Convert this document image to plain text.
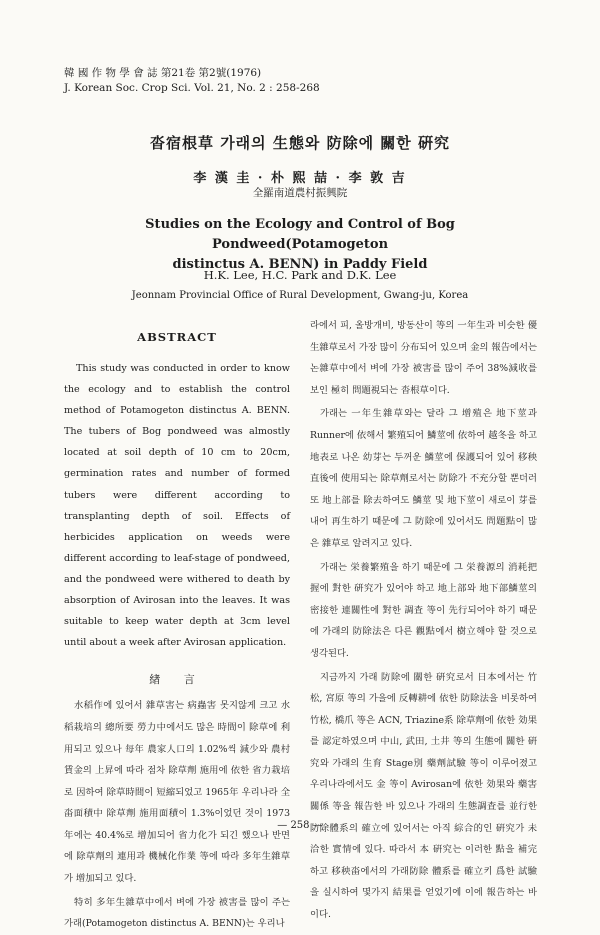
韓 國 作 物 學 會 誌 第21卷 第2號(1976)
J. Korean Soc. Crop Sci. Vol. 21, No. 2 : 258-268
沓宿根草 가래의 生態와 防除에 關한 硏究
李 漢 圭 · 朴 熙 喆 · 李 敦 吉
全羅南道農村振興院
Studies on the Ecology and Control of Bog Pondweed(Potamogeton
distinctus A. BENN) in Paddy Field
H.K. Lee, H.C. Park and D.K. Lee
Jeonnam Provincial Office of Rural Development, Gwang-ju, Korea
ABSTRACT

This study was conducted in order to know the ecology and to establish the control method of Potamogeton distinctus A. BENN. The tubers of Bog pondweed was almostly located at soil depth of 10 cm to 20cm, germination rates and number of formed tubers were different according to transplanting depth of soil. Effects of herbicides application on weeds were different according to leaf-stage of pondweed, and the pondweed were withered to death by absorption of Avirosan into the leaves. It was suitable to keep water depth at 3cm level until about a week after Avirosan application.

緖 言

水稻作에 있어서 雜草害는 病蟲害 못지않게 크고 水稻栽培의 總所要 勞力中에서도 많은 時間이 除草에 利用되고 있으나 每年 農家人口의 1.02%씩 減少와 農村賃金의 上昇에 따라 점차 除草劑 施用에 依한 省力栽培로 因하여 除草時間이 短縮되었고 1965年 우리나라 全畓面積中 除草劑 施用面積이 1.3%이었던 것이 1973年에는 40.4%로 增加되어 省力化가 되긴 했으나 반면에 除草劑의 連用과 機械化作業 等에 따라 多年生雜草가 增加되고 있다.

特히 多年生雜草中에서 벼에 가장 被害를 많이 주는 가래(Potamogeton distinctus A. BENN)는 우리나

라에서 피, 올방개비, 방동산이 等의 一年生과 비슷한 優生雜草로서 가장 많이 分布되어 있으며 金의 報告에서는 논雜草中에서 벼에 가장 被害를 많이 주어 38%減收를 보인 極히 問題視되는 沓根草이다.

가래는 一年生雜草와는 달라 그 增殖은 地下莖과 Runner에 依해서 繁殖되어 鱗莖에 依하여 越冬을 하고 地表로 나온 幼芽는 두꺼운 鱗莖에 保護되어 있어 移秧直後에 使用되는 除草劑로서는 防除가 不充分할 뿐더러 또 地上部를 除去하여도 鱗莖 및 地下莖이 새로이 芽를 내어 再生하기 때문에 그 防除에 있어서도 問題點이 많은 雜草로 알려지고 있다.

가래는 栄養繁殖을 하기 때문에 그 栄養源의 消耗把握에 對한 硏究가 있어야 하고 地上部와 地下部鱗莖의 密接한 連關性에 對한 調査 等이 先行되어야 하기 때문에 가래의 防除法은 다른 觀點에서 樹立해야 할 것으로 생각된다.

지금까지 가래 防除에 關한 硏究로서 日本에서는 竹松, 宮原 等의 가을에 反轉耕에 依한 防除法을 비롯하여 竹松, 橋爪 等은 ACN, Triazine系 除草劑에 依한 効果를 認定하였으며 中山, 武田, 土井 等의 生態에 關한 硏究와 가래의 生育 Stage別 藥劑試驗 等이 이루어졌고 우리나라에서도 金 等이 Avirosan에 依한 効果와 藥害 關係 等을 報告한 바 있으나 가래의 生態調査를 並行한 防除體系의 確立에 있어서는 아직 綜合的인 硏究가 未洽한 實情에 있다. 따라서 本 硏究는 이러한 點을 補完하고 移秧畓에서의 가래防除 體系를 確立키 爲한 試驗을 실시하여 몇가지 結果를 얻었기에 이에 報告하는 바이다.

— 258 —
